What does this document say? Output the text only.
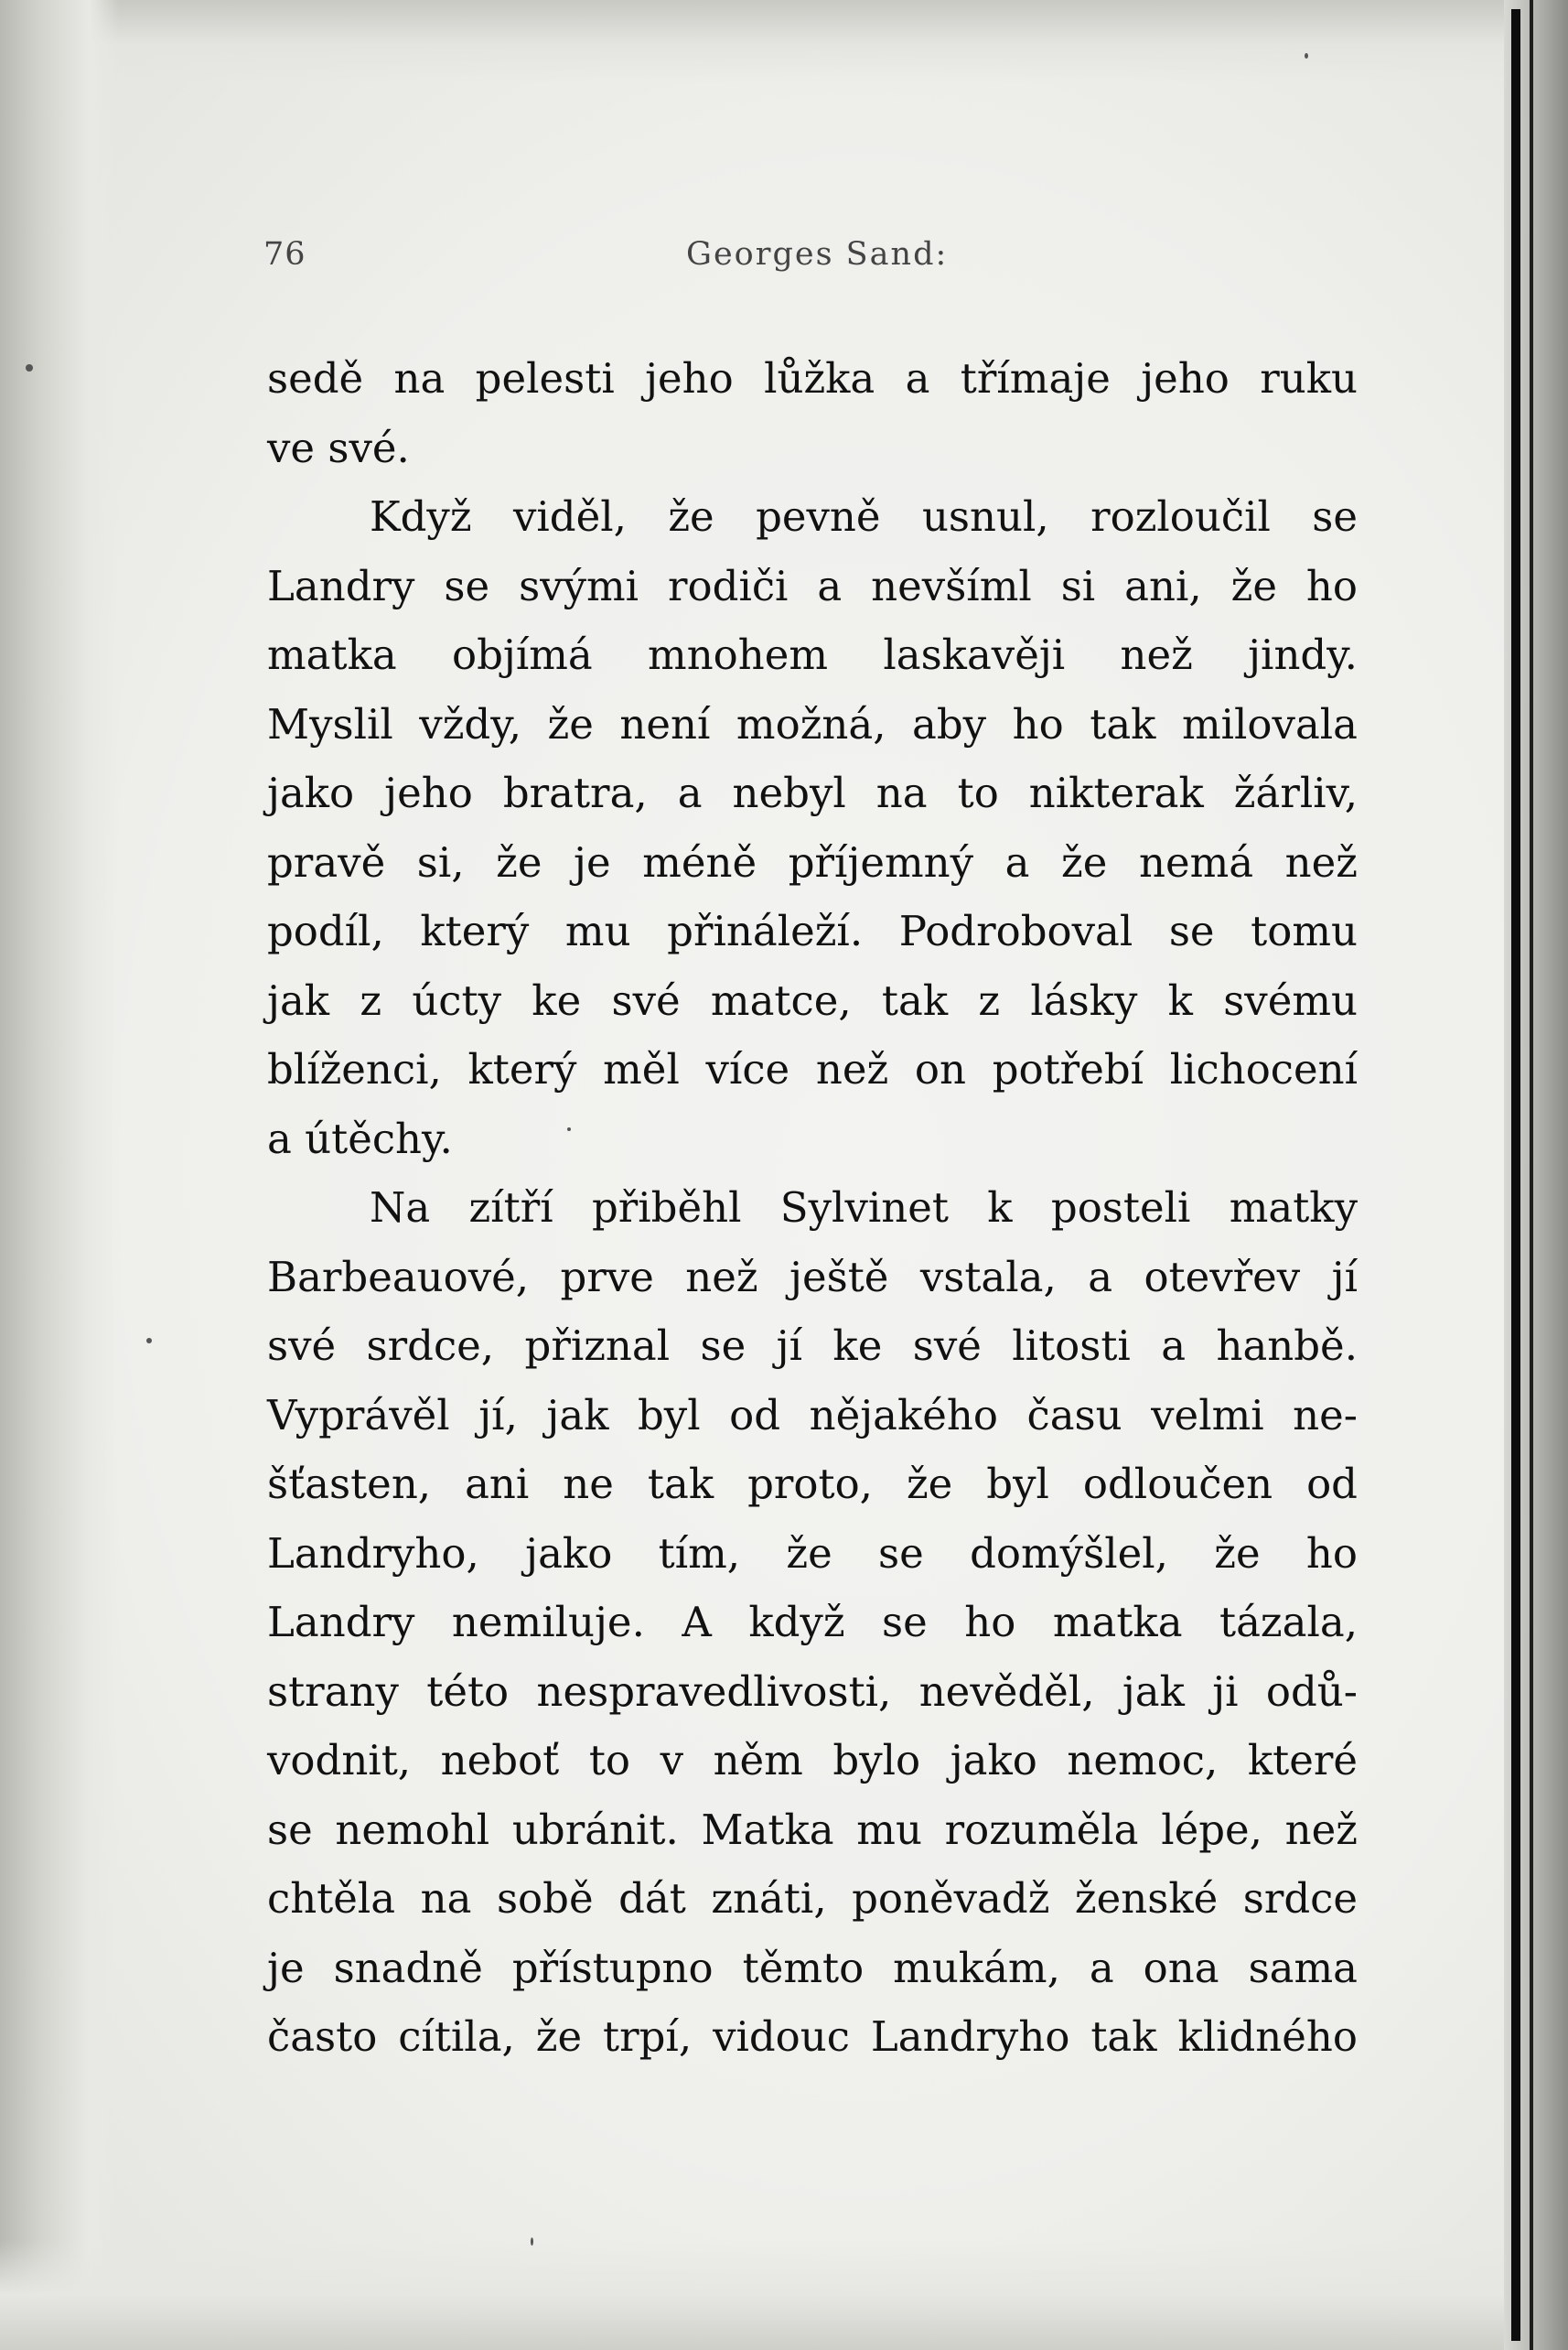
76	Georges Sand:
sedě na pelesti jeho lůžka a třímaje jeho ruku
ve své.
Když viděl, že pevně usnul, rozloučil se
Landry se svými rodiči a nevšíml si ani, že ho
matka objímá mnohem laskavěji než jindy.
Myslil vždy, že není možná, aby ho tak milovala
jako jeho bratra, a nebyl na to nikterak žárliv,
pravě si, že je méně příjemný a že nemá než
podíl, který mu přináleží. Podroboval se tomu
jak z úcty ke své matce, tak z lásky k svému
blíženci, který měl více než on potřebí lichocení
a útěchy.
Na zítří přiběhl Sylvinet k posteli matky
Barbeauové, prve než ještě vstala, a otevřev jí
své srdce, přiznal se jí ke své litosti a hanbě.
Vyprávěl jí, jak byl od nějakého času velmi ne-
šťasten, ani ne tak proto, že byl odloučen od
Landryho, jako tím, že se domýšlel, že ho
Landry nemiluje. A když se ho matka tázala,
strany této nespravedlivosti, nevěděl, jak ji odů-
vodnit, neboť to v něm bylo jako nemoc, které
se nemohl ubránit. Matka mu rozuměla lépe, než
chtěla na sobě dát znáti, poněvadž ženské srdce
je snadně přístupno těmto mukám, a ona sama
často cítila, že trpí, vidouc Landryho tak klidného
